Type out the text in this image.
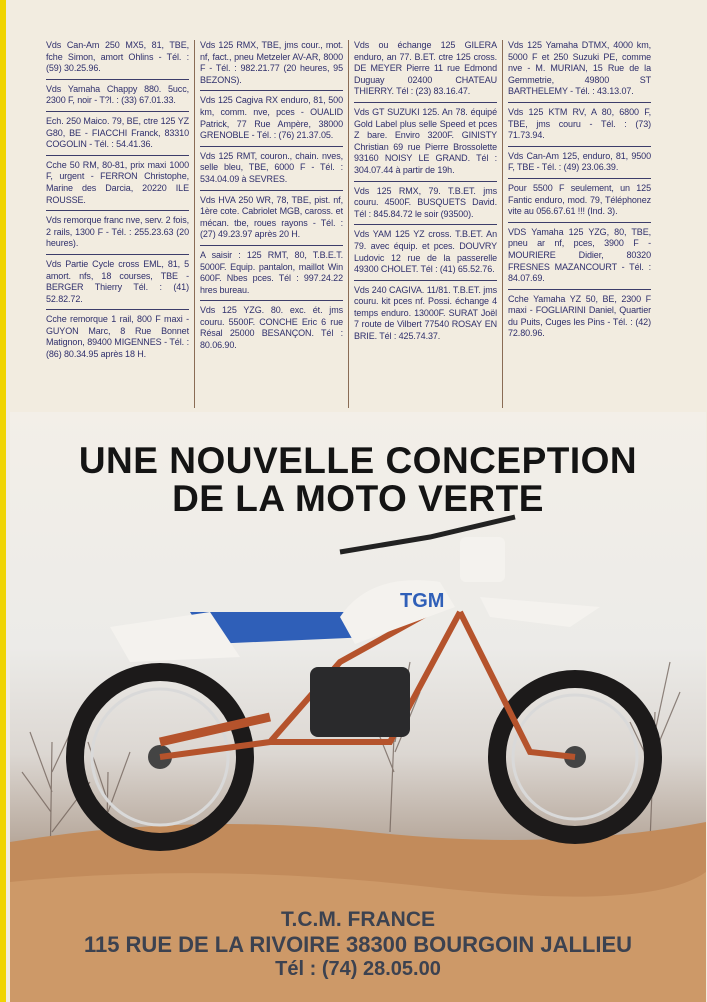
Vds Can-Am 250 MX5, 81, TBE, fche Simon, amort Ohlins - Tél. : (59) 30.25.96.

Vds Yamaha Chappy 880. 5ucc, 2300 F, noir - T?l. : (33) 67.01.33.

Ech. 250 Maico. 79, BE, ctre 125 YZ G80, BE - FIACCHI Franck, 83310 COGOLIN - Tél. : 54.41.36.

Cche 50 RM, 80-81, prix maxi 1000 F, urgent - FERRON Christophe, Marine des Darcia, 20220 ILE ROUSSE.

Vds remorque franc nve, serv. 2 fois, 2 rails, 1300 F - Tél. : 255.23.63 (20 heures).

Vds Partie Cycle cross EML, 81, 5 amort. nfs, 18 courses, TBE - BERGER Thierry Tél. : (41) 52.82.72.

Cche remorque 1 rail, 800 F maxi - GUYON Marc, 8 Rue Bonnet Matignon, 89400 MIGENNES - Tél. : (86) 80.34.95 après 18 H.

Vds 125 RMX, TBE, jms cour., mot. nf, fact., pneu Metzeler AV-AR, 8000 F - Tél. : 982.21.77 (20 heures, 95 BEZONS).

Vds 125 Cagiva RX enduro, 81, 500 km, comm. nve, pces - OUALID Patrick, 77 Rue Ampère, 38000 GRENOBLE - Tél. : (76) 21.37.05.

Vds 125 RMT, couron., chain. nves, selle bleu, TBE, 6000 F - Tél. : 534.04.09 à SEVRES.

Vds HVA 250 WR, 78, TBE, pist. nf, 1ère cote. Cabriolet MGB, caross. et mécan. tbe, roues rayons - Tél. : (27) 49.23.97 après 20 H.

A saisir : 125 RMT, 80, T.B.E.T. 5000F. Equip. pantalon, maillot Win 600F. Nbes pces. Tél : 997.24.22 hres bureau.

Vds 125 YZG. 80. exc. ét. jms couru. 5500F. CONCHE Eric 6 rue Résal 25000 BESANÇON. Tél : 80.06.90.

Vds ou échange 125 GILERA enduro, an 77. B.ET. ctre 125 cross. DE MEYER Pierre 11 rue Edmond Duguay 02400 CHATEAU THIERRY. Tél : (23) 83.16.47.

Vds GT SUZUKI 125. An 78. équipé Gold Label plus selle Speed et pces Z bare. Enviro 3200F. GINISTY Christian 69 rue Pierre Brossolette 93160 NOISY LE GRAND. Tél : 304.07.44 à partir de 19h.

Vds 125 RMX, 79. T.B.ET. jms couru. 4500F. BUSQUETS David. Tél : 845.84.72 le soir (93500).

Vds YAM 125 YZ cross. T.B.ET. An 79. avec équip. et pces. DOUVRY Ludovic 12 rue de la passerelle 49300 CHOLET. Tél : (41) 65.52.76.

Vds 240 CAGIVA. 11/81. T.B.ET. jms couru. kit pces nf. Possi. échange 4 temps enduro. 13000F. SURAT Joël 7 route de Vilbert 77540 ROSAY EN BRIE. Tél : 425.74.37.

Vds 125 Yamaha DTMX, 4000 km, 5000 F et 250 Suzuki PE, comme nve - M. MURIAN, 15 Rue de la Gemmetrie, 49800 ST BARTHELEMY - Tél. : 43.13.07.

Vds 125 KTM RV, A 80, 6800 F, TBE, jms couru - Tél. : (73) 71.73.94.

Vds Can-Am 125, enduro, 81, 9500 F, TBE - Tél. : (49) 23.06.39.

Pour 5500 F seulement, un 125 Fantic enduro, mod. 79, Téléphonez vite au 056.67.61 !!! (Ind. 3).

VDS Yamaha 125 YZG, 80, TBE, pneu ar nf, pces, 3900 F - MOURIERE Didier, 80320 FRESNES MAZANCOURT - Tél. : 84.07.69.

Cche Yamaha YZ 50, BE, 2300 F maxi - FOGLIARINI Daniel, Quartier du Puits, Cuges les Pins - Tél. : (42) 72.80.96.

TGM

UNE NOUVELLE CONCEPTION

DE LA MOTO VERTE

T.C.M. FRANCE

115 RUE DE LA RIVOIRE 38300 BOURGOIN JALLIEU

Tél : (74) 28.05.00
